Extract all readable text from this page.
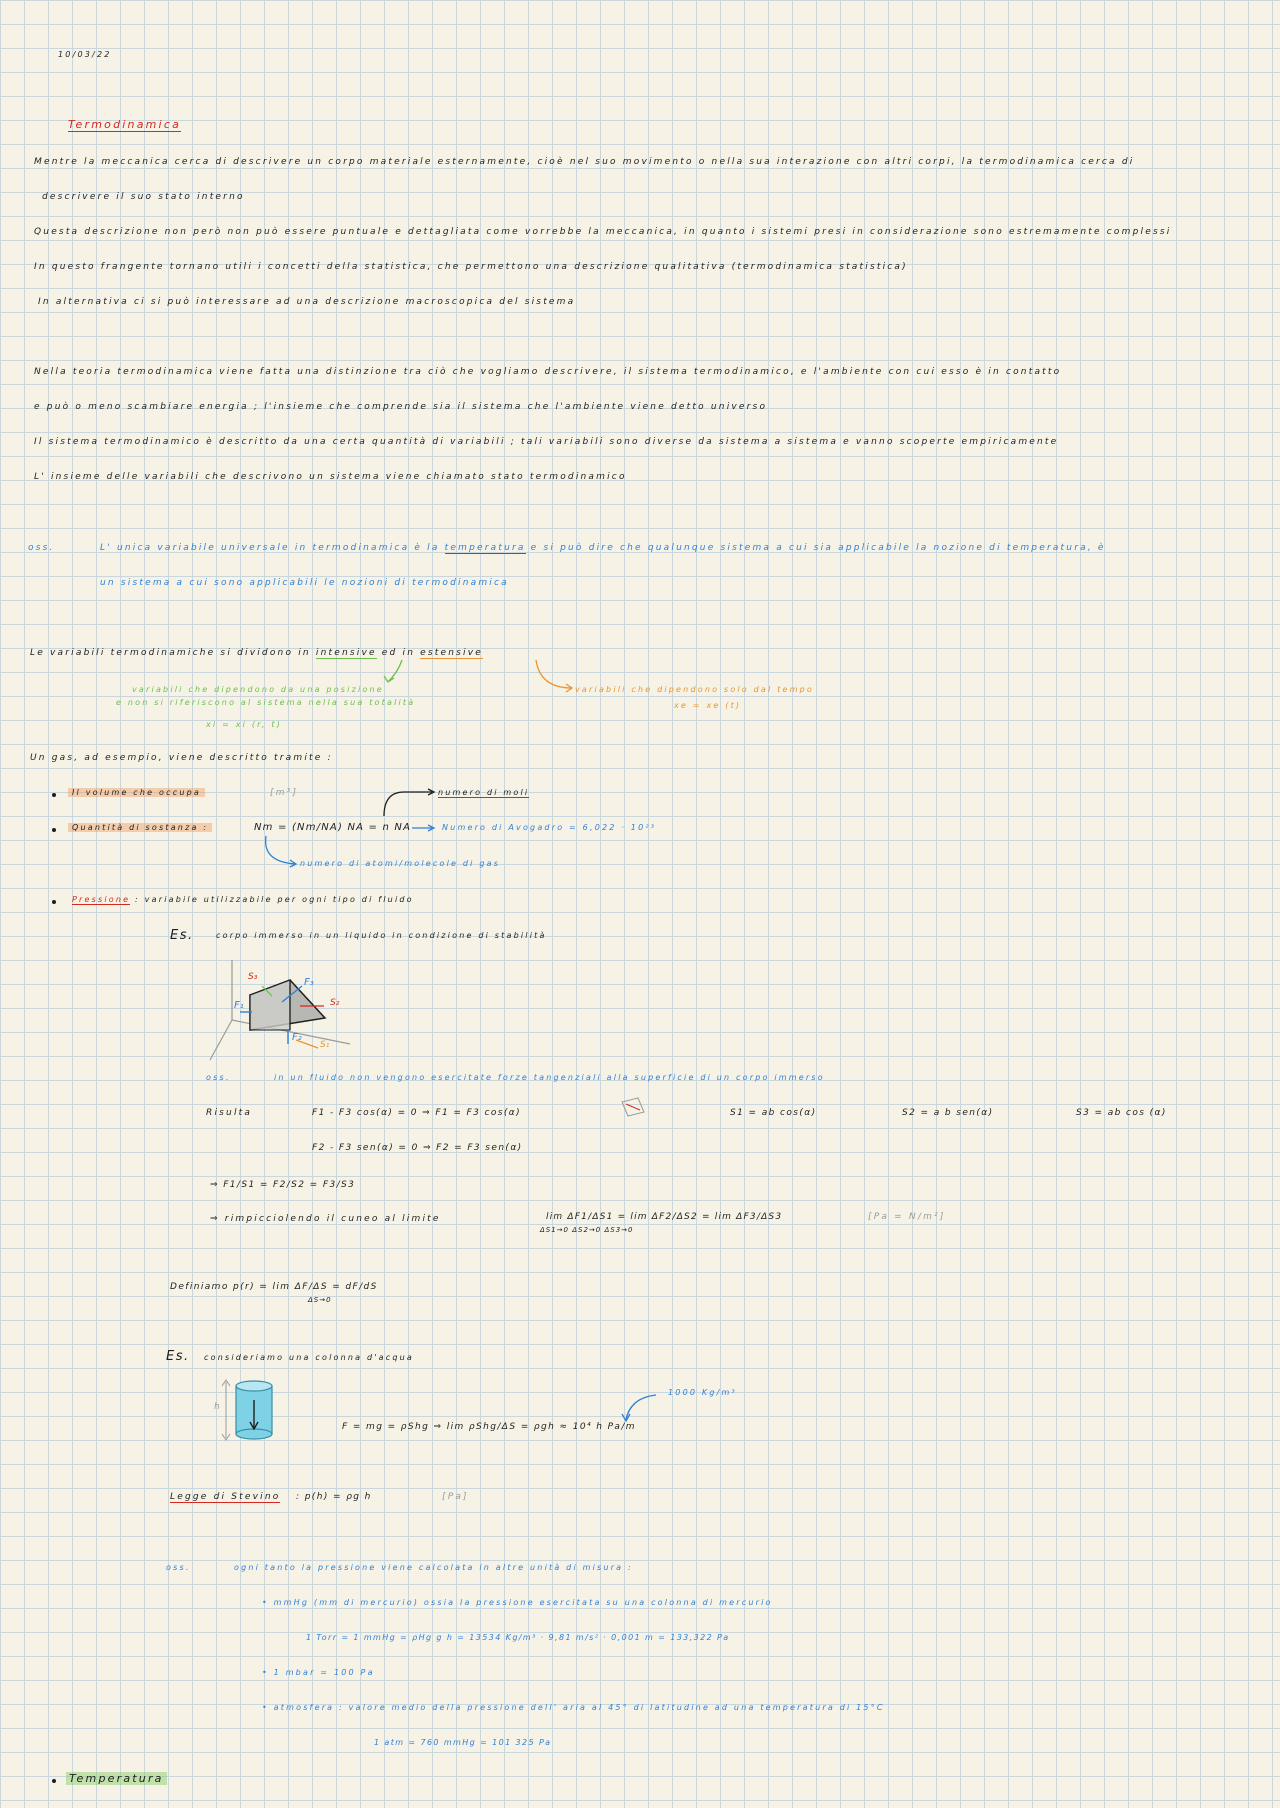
10/03/22
Termodinamica
Mentre la meccanica cerca di descrivere un corpo materiale esternamente, cioè nel suo movimento o nella sua interazione con altri corpi, la termodinamica cerca di
descrivere il suo stato interno
Questa descrizione non però non può essere puntuale e dettagliata come vorrebbe la meccanica, in quanto i sistemi presi in considerazione sono estremamente complessi
In questo frangente tornano utili i concetti della statistica, che permettono una descrizione qualitativa (termodinamica statistica)
In alternativa ci si può interessare ad una descrizione macroscopica del sistema
Nella teoria termodinamica viene fatta una distinzione tra ciò che vogliamo descrivere, il sistema termodinamico, e l'ambiente con cui esso è in contatto
e può o meno scambiare energia ; l'insieme che comprende sia il sistema che l'ambiente viene detto universo
Il sistema termodinamico è descritto da una certa quantità di variabili ; tali variabili sono diverse da sistema a sistema e vanno scoperte empiricamente
L' insieme delle variabili che descrivono un sistema viene chiamato stato termodinamico
oss.	L' unica variabile universale in termodinamica è la temperatura e si può dire che qualunque sistema a cui sia applicabile la nozione di temperatura, è
un sistema a cui sono applicabili le nozioni di termodinamica
Le variabili termodinamiche si dividono in intensive ed in estensive
variabili che dipendono da una posizione
e non si riferiscono al sistema nella sua totalità
xi = xi (r, t)
variabili che dipendono solo dal tempo
xe = xe (t)
Un gas, ad esempio, viene descritto tramite :
Il volume che occupa	[m³]	numero di moli
Quantità di sostanza :	Nm = (Nm/NA) NA = n NA	Numero di Avogadro = 6,022 · 10²³
numero di atomi/molecole di gas
Pressione : variabile utilizzabile per ogni tipo di fluido
Es.	corpo immerso in un liquido in condizione di stabilità
F₁
F₃
F₂
S₃
S₂
S₁
oss.	in un fluido non vengono esercitate forze tangenziali alla superficie di un corpo immerso
Risulta	F1 - F3 cos(α) = 0 ⇒ F1 = F3 cos(α)
F2 - F3 sen(α) = 0 ⇒ F2 = F3 sen(α)
S1 = ab cos(α)	S2 = a b sen(α)	S3 = ab cos (α)
⇒ F1/S1 = F2/S2 = F3/S3
⇒ rimpicciolendo il cuneo al limite	lim ΔF1/ΔS1 = lim ΔF2/ΔS2 = lim ΔF3/ΔS3
ΔS1→0 ΔS2→0 ΔS3→0
[Pa = N/m²]
Definiamo p(r) = lim ΔF/ΔS = dF/dS
ΔS→0
Es. consideriamo una colonna d'acqua
h
F = mg = ρShg ⇒ lim ρShg/ΔS = ρgh ≈ 10⁴ h Pa/m
1000 Kg/m³
Legge di Stevino : p(h) = ρg h	[Pa]
oss.	ogni tanto la pressione viene calcolata in altre unità di misura :
• mmHg (mm di mercurio) ossia la pressione esercitata su una colonna di mercurio
1 Torr = 1 mmHg = ρHg g h = 13534 Kg/m³ · 9,81 m/s² · 0,001 m = 133,322 Pa
• 1 mbar = 100 Pa
• atmosfera : valore medio della pressione dell' aria al 45° di latitudine ad una temperatura di 15°C
1 atm = 760 mmHg = 101 325 Pa
Temperatura
